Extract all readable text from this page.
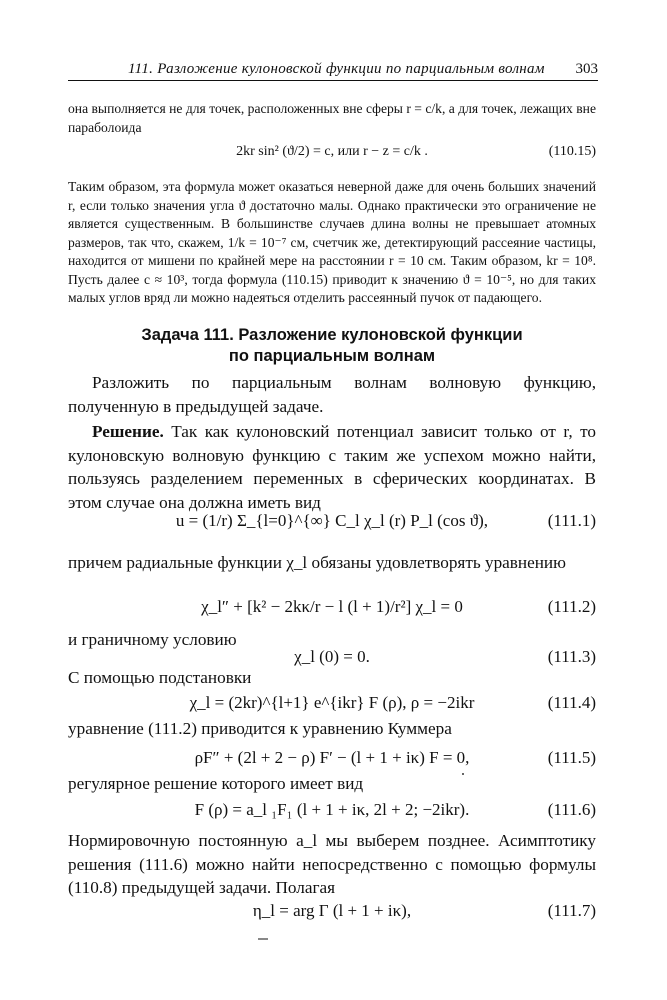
111. Разложение кулоновской функции по парциальным волнам 303

она выполняется не для точек, расположенных вне сферы r = c/k, а для точек, лежащих вне параболоида

2kr sin² (ϑ/2) = c, или r − z = c/k .	(110.15)

Таким образом, эта формула может оказаться неверной даже для очень больших значений r, если только значения угла ϑ достаточно малы. Однако практически это ограничение не является существенным. В большинстве случаев длина волны не превышает атомных размеров, так что, скажем, 1/k = 10⁻⁷ см, счетчик же, детектирующий рассеяние частицы, находится от мишени по крайней мере на расстоянии r = 10 см. Таким образом, kr = 10⁸. Пусть далее c ≈ 10³, тогда формула (110.15) приводит к значению ϑ = 10⁻⁵, но для таких малых углов вряд ли можно надеяться отделить рассеянный пучок от падающего.

Задача 111. Разложение кулоновской функции
по парциальным волнам

Разложить по парциальным волнам волновую функцию, полученную в предыдущей задаче.

Решение. Так как кулоновский потенциал зависит только от r, то кулоновскую волновую функцию с таким же успехом можно найти, пользуясь разделением переменных в сферических координатах. В этом случае она должна иметь вид

u = (1/r) Σ_{l=0}^{∞} C_l χ_l (r) P_l (cos ϑ),	(111.1)

причем радиальные функции χ_l обязаны удовлетворять уравнению

χ_l″ + [k² − 2kκ/r − l (l + 1)/r²] χ_l = 0	(111.2)

и граничному условию

χ_l (0) = 0.	(111.3)

С помощью подстановки

χ_l = (2kr)^{l+1} e^{ikr} F (ρ), ρ = −2ikr	(111.4)

уравнение (111.2) приводится к уравнению Куммера

ρF″ + (2l + 2 − ρ) F′ − (l + 1 + iκ) F = 0,	(111.5)

регулярное решение которого имеет вид

F (ρ) = a_l ₁F₁ (l + 1 + iκ, 2l + 2; −2ikr).	(111.6)

Нормировочную постоянную a_l мы выберем позднее. Асимптотику решения (111.6) можно найти непосредственно с помощью формулы (110.8) предыдущей задачи. Полагая

η_l = arg Γ (l + 1 + iκ),	(111.7)
